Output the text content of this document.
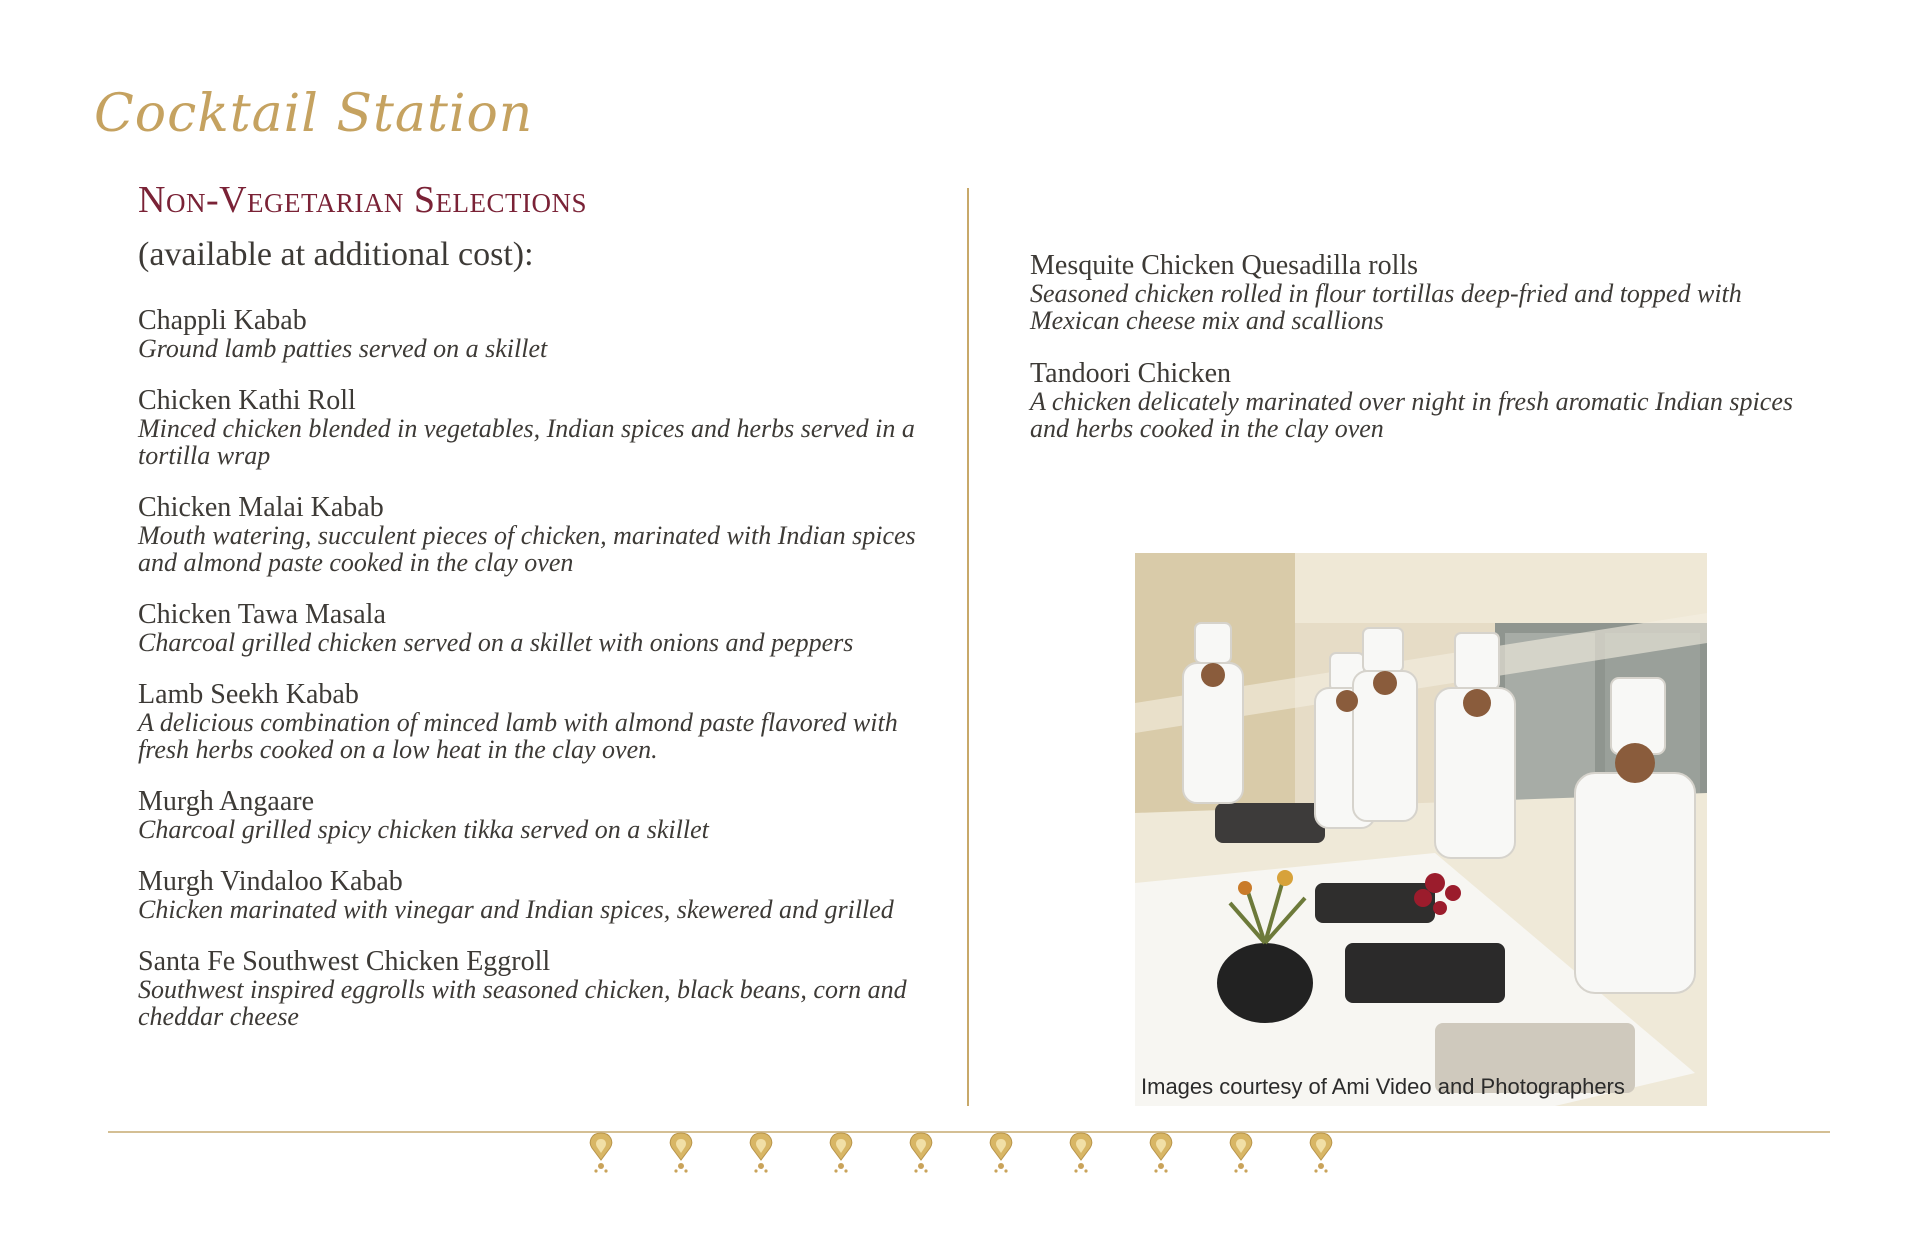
Cocktail Station
Non-Vegetarian Selections
(available at additional cost):
Chappli Kabab
Ground lamb patties served on a skillet
Chicken Kathi Roll
Minced chicken blended in vegetables, Indian spices and herbs served in a tortilla wrap
Chicken Malai Kabab
Mouth watering, succulent pieces of chicken, marinated with Indian spices and almond paste cooked in the clay oven
Chicken Tawa Masala
Charcoal grilled chicken served on a skillet with onions and peppers
Lamb Seekh Kabab
A delicious combination of minced lamb with almond paste flavored with fresh herbs cooked on a low heat in the clay oven.
Murgh Angaare
Charcoal grilled spicy chicken tikka served on a skillet
Murgh Vindaloo Kabab
Chicken marinated with vinegar and Indian spices, skewered and grilled
Santa Fe Southwest Chicken Eggroll
Southwest inspired eggrolls with seasoned chicken, black beans, corn and cheddar cheese
Mesquite Chicken Quesadilla rolls
Seasoned chicken rolled in flour tortillas deep-fried and topped with Mexican cheese mix and scallions
Tandoori Chicken
A chicken delicately marinated over night in fresh aromatic Indian spices and herbs cooked in the clay oven
Images courtesy of Ami Video and Photographers
